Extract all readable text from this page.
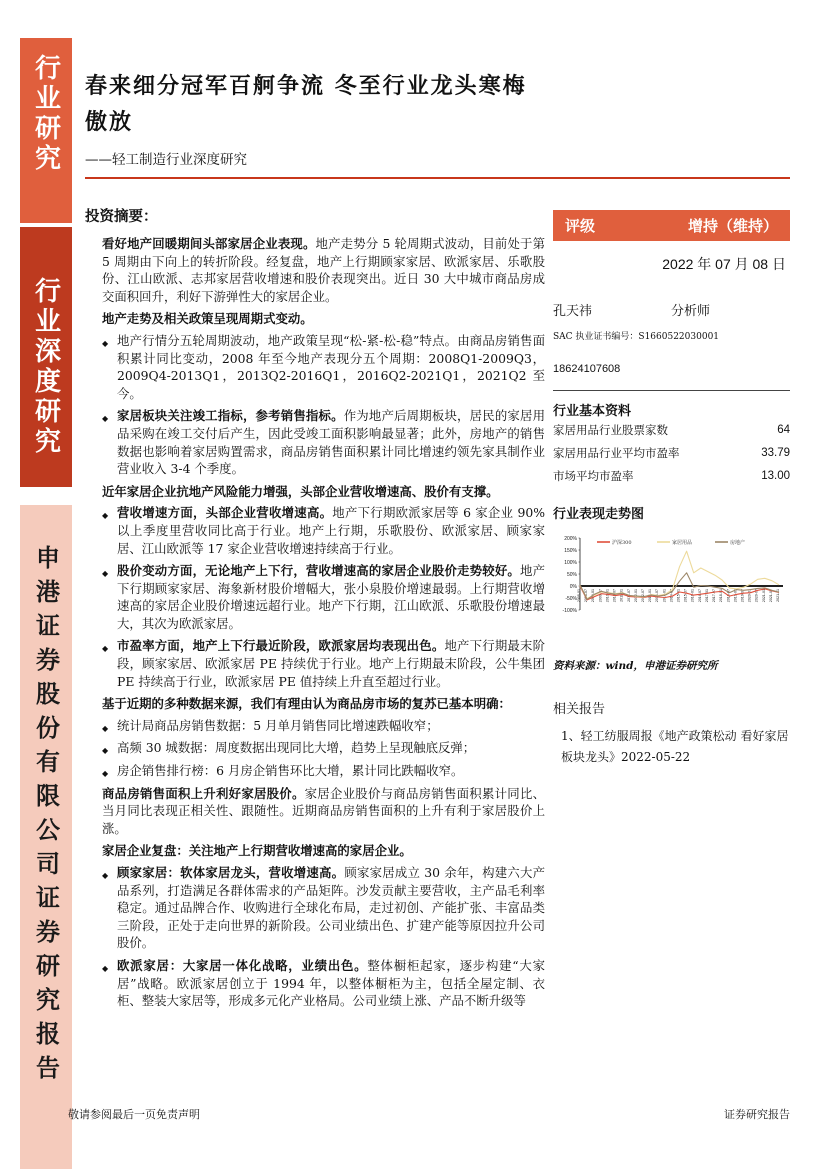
行业研究
行业深度研究
申港证券股份有限公司证券研究报告
春来细分冠军百舸争流 冬至行业龙头寒梅傲放
——轻工制造行业深度研究
投资摘要：
看好地产回暖期间头部家居企业表现。地产走势分 5 轮周期式波动，目前处于第 5 周期由下向上的转折阶段。经复盘，地产上行期顾家家居、欧派家居、乐歌股份、江山欧派、志邦家居营收增速和股价表现突出。近日 30 大中城市商品房成交面积回升，利好下游弹性大的家居企业。
地产走势及相关政策呈现周期式变动。
◆ 地产行情分五轮周期波动，地产政策呈现“松-紧-松-稳”特点。由商品房销售面积累计同比变动，2008 年至今地产表现分五个周期：2008Q1-2009Q3，2009Q4-2013Q1，2013Q2-2016Q1，2016Q2-2021Q1，2021Q2 至今。
◆ 家居板块关注竣工指标，参考销售指标。作为地产后周期板块，居民的家居用品采购在竣工交付后产生，因此受竣工面积影响最显著；此外，房地产的销售数据也影响着家居购置需求，商品房销售面积累计同比增速约领先家具制作业营业收入 3-4 个季度。
近年家居企业抗地产风险能力增强，头部企业营收增速高、股价有支撑。
◆ 营收增速方面，头部企业营收增速高。地产下行期欧派家居等 6 家企业 90%以上季度里营收同比高于行业。地产上行期，乐歌股份、欧派家居、顾家家居、江山欧派等 17 家企业营收增速持续高于行业。
◆ 股价变动方面，无论地产上下行，营收增速高的家居企业股价走势较好。地产下行期顾家家居、海象新材股价增幅大，张小泉股价增速最弱。上行期营收增速高的家居企业股价增速远超行业。地产下行期，江山欧派、乐歌股份增速最大，其次为欧派家居。
◆ 市盈率方面，地产上下行最近阶段，欧派家居均表现出色。地产下行期最末阶段，顾家家居、欧派家居 PE 持续优于行业。地产上行期最末阶段，公牛集团 PE 持续高于行业，欧派家居 PE 值持续上升直至超过行业。
基于近期的多种数据来源，我们有理由认为商品房市场的复苏已基本明确：
◆ 统计局商品房销售数据：5 月单月销售同比增速跌幅收窄；
◆ 高频 30 城数据：周度数据出现同比大增，趋势上呈现触底反弹；
◆ 房企销售排行榜：6 月房企销售环比大增，累计同比跌幅收窄。
商品房销售面积上升利好家居股价。家居企业股价与商品房销售面积累计同比、当月同比表现正相关性、跟随性。近期商品房销售面积的上升有利于家居股价上涨。
家居企业复盘：关注地产上行期营收增速高的家居企业。
◆ 顾家家居：软体家居龙头，营收增速高。顾家家居成立 30 余年，构建六大产品系列，打造满足各群体需求的产品矩阵。沙发贡献主要营收，主产品毛利率稳定。通过品牌合作、收购进行全球化布局，走过初创、产能扩张、丰富品类三阶段，正处于走向世界的新阶段。公司业绩出色、扩建产能等原因拉升公司股价。
◆ 欧派家居：大家居一体化战略，业绩出色。整体橱柜起家，逐步构建“大家居”战略。欧派家居创立于 1994 年，以整体橱柜为主，包括全屋定制、衣柜、整装大家居等，形成多元化产业格局。公司业绩上涨、产品不断升级等
评级	增持（维持）
2022 年 07 月 08 日
孔天祎	分析师
SAC 执业证书编号：S1660522030001
18624107608
行业基本资料
家居用品行业股票家数	64
家居用品行业平均市盈率	33.79
市场平均市盈率	13.00
行业表现走势图
200%
150%
100%
50%
0%
-50%
-100%
2008-01 2008-07 2009-01 2009-07 2010-01 2010-07 2011-01 2011-07 2012-01 2012-07 2013-01 2013-07 2014-01 2014-07 2015-01 2015-07 2016-01 2016-07 2017-01 2017-07 2018-01 2018-07 2019-01 2019-07 2020-01 2020-07 2021-01 2021-07 2021-11
沪深300	家居用品	房地产
资料来源：wind，申港证券研究所
相关报告
1、轻工纺服周报《地产政策松动 看好家居板块龙头》2022-05-22
敬请参阅最后一页免责声明	证券研究报告
